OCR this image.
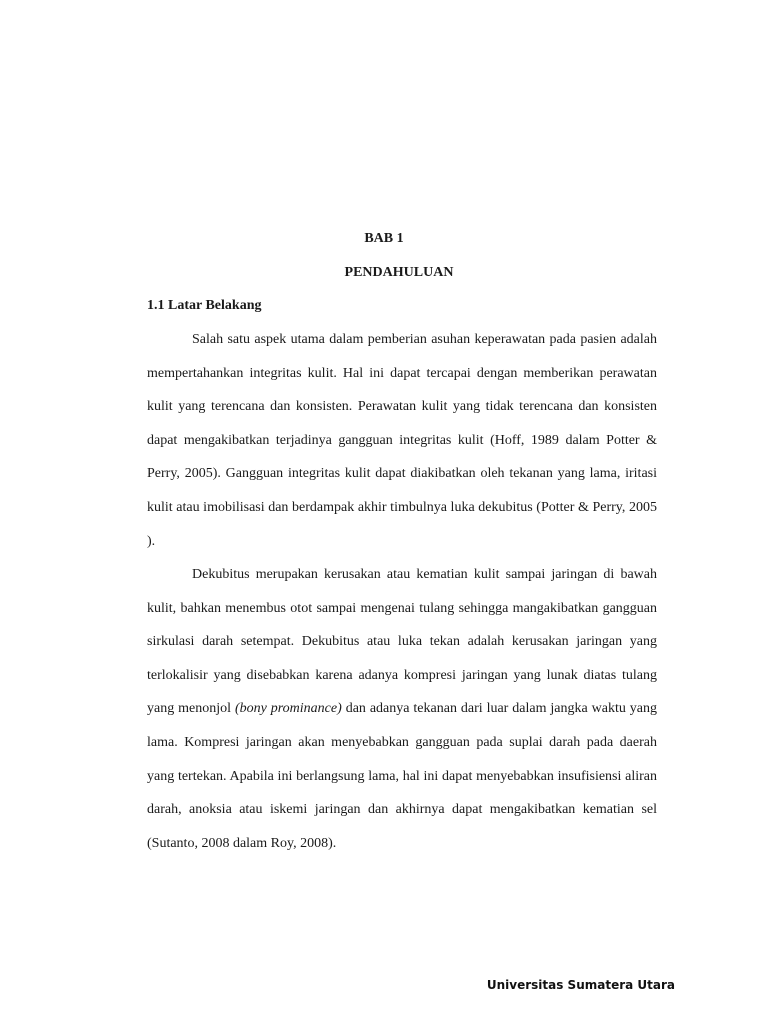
BAB 1
PENDAHULUAN
1.1 Latar Belakang

Salah satu aspek utama dalam pemberian asuhan keperawatan pada pasien adalah mempertahankan integritas kulit. Hal ini dapat tercapai dengan memberikan perawatan kulit yang terencana dan konsisten. Perawatan kulit yang tidak terencana dan konsisten dapat mengakibatkan terjadinya gangguan integritas kulit (Hoff, 1989 dalam Potter & Perry, 2005). Gangguan integritas kulit dapat diakibatkan oleh tekanan yang lama, iritasi kulit atau imobilisasi dan berdampak akhir timbulnya luka dekubitus (Potter & Perry, 2005 ).

Dekubitus merupakan kerusakan atau kematian kulit sampai jaringan di bawah kulit, bahkan menembus otot sampai mengenai tulang sehingga mangakibatkan gangguan sirkulasi darah setempat. Dekubitus atau luka tekan adalah kerusakan jaringan yang terlokalisir yang disebabkan karena adanya kompresi jaringan yang lunak diatas tulang yang menonjol (bony prominance) dan adanya tekanan dari luar dalam jangka waktu yang lama. Kompresi jaringan akan menyebabkan gangguan pada suplai darah pada daerah yang tertekan. Apabila ini berlangsung lama, hal ini dapat menyebabkan insufisiensi aliran darah, anoksia atau iskemi jaringan dan akhirnya dapat mengakibatkan kematian sel (Sutanto, 2008 dalam Roy, 2008).

Universitas Sumatera Utara
